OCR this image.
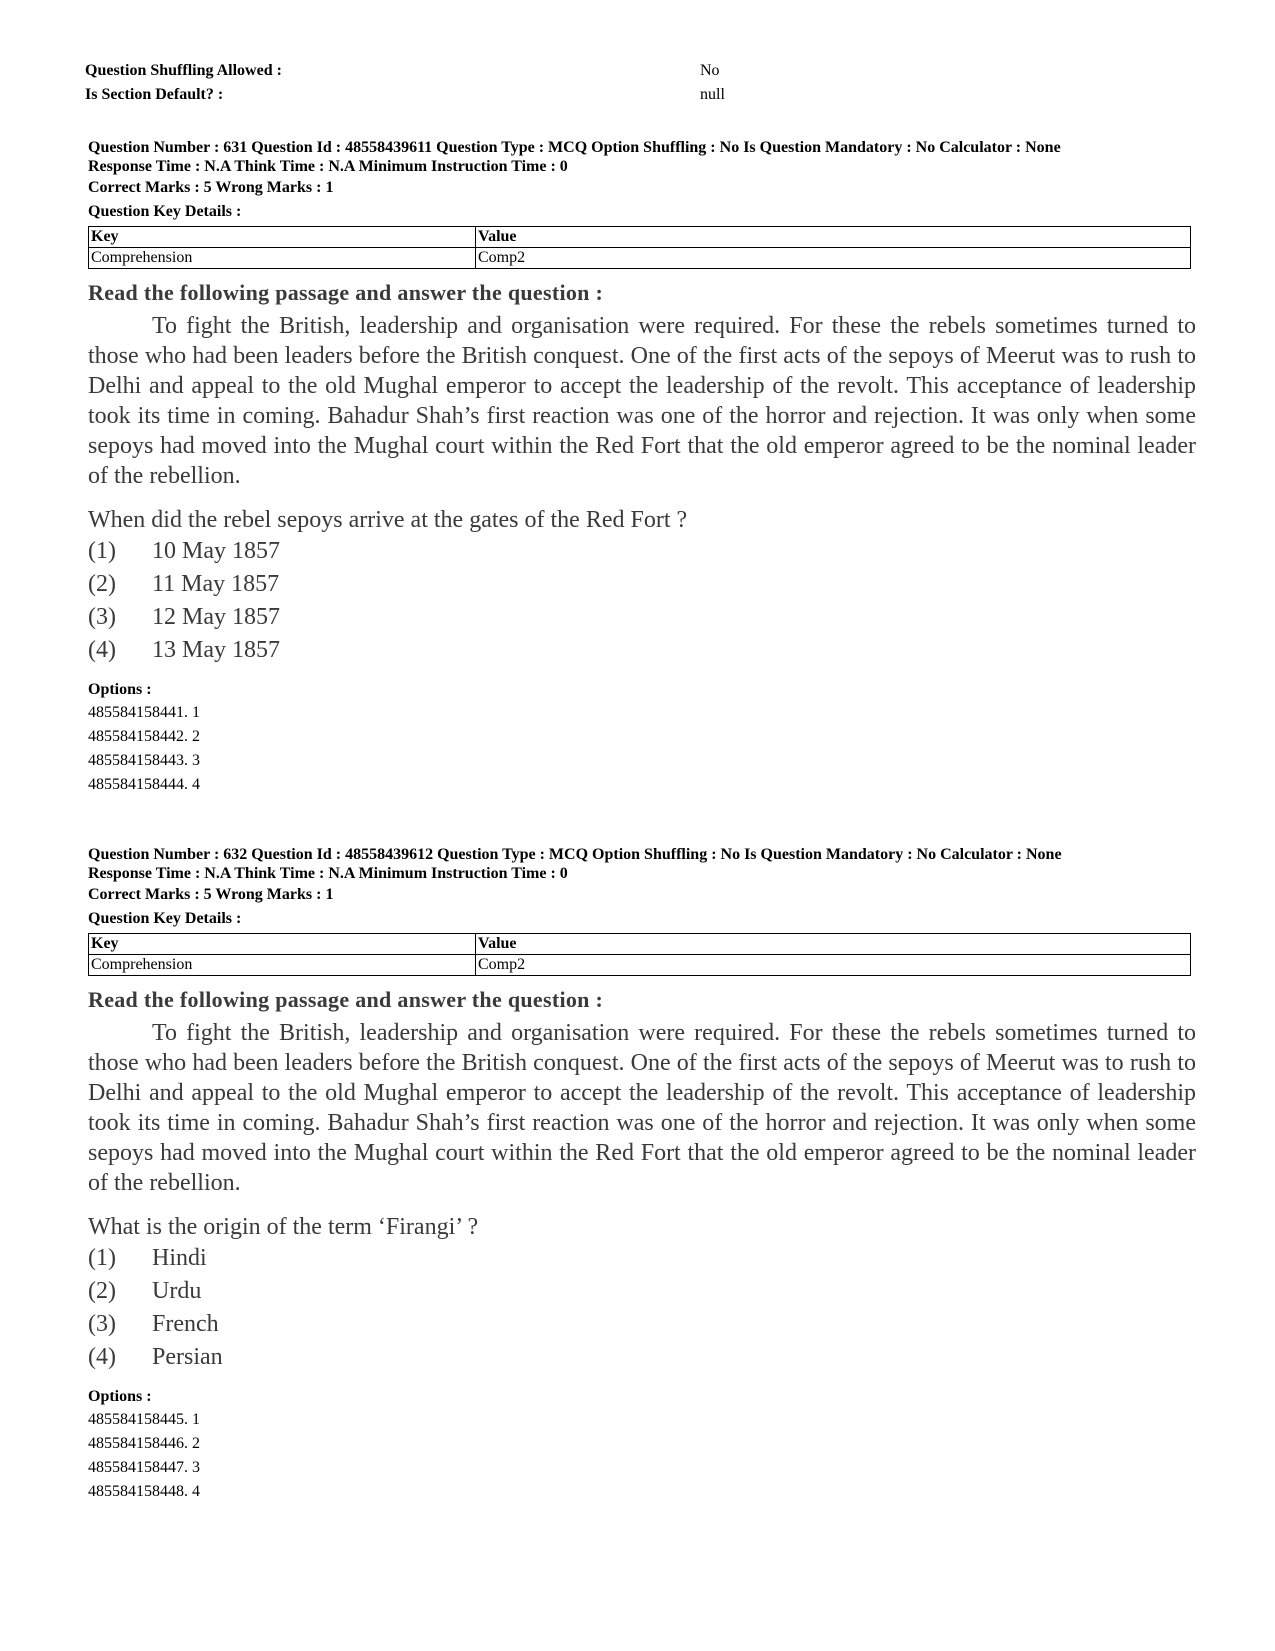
Question Shuffling Allowed :	No
Is Section Default? :	null
Question Number : 631 Question Id : 48558439611 Question Type : MCQ Option Shuffling : No Is Question Mandatory : No Calculator : None
Response Time : N.A Think Time : N.A Minimum Instruction Time : 0
Correct Marks : 5 Wrong Marks : 1
Question Key Details :
Key	Value
Comprehension	Comp2
Read the following passage and answer the question :
To fight the British, leadership and organisation were required. For these the rebels sometimes turned to those who had been leaders before the British conquest. One of the first acts of the sepoys of Meerut was to rush to Delhi and appeal to the old Mughal emperor to accept the leadership of the revolt. This acceptance of leadership took its time in coming. Bahadur Shah’s first reaction was one of the horror and rejection. It was only when some sepoys had moved into the Mughal court within the Red Fort that the old emperor agreed to be the nominal leader of the rebellion.
When did the rebel sepoys arrive at the gates of the Red Fort ?
(1)	10 May 1857
(2)	11 May 1857
(3)	12 May 1857
(4)	13 May 1857
Options :
485584158441. 1
485584158442. 2
485584158443. 3
485584158444. 4
Question Number : 632 Question Id : 48558439612 Question Type : MCQ Option Shuffling : No Is Question Mandatory : No Calculator : None
Response Time : N.A Think Time : N.A Minimum Instruction Time : 0
Correct Marks : 5 Wrong Marks : 1
Question Key Details :
Key	Value
Comprehension	Comp2
Read the following passage and answer the question :
To fight the British, leadership and organisation were required. For these the rebels sometimes turned to those who had been leaders before the British conquest. One of the first acts of the sepoys of Meerut was to rush to Delhi and appeal to the old Mughal emperor to accept the leadership of the revolt. This acceptance of leadership took its time in coming. Bahadur Shah’s first reaction was one of the horror and rejection. It was only when some sepoys had moved into the Mughal court within the Red Fort that the old emperor agreed to be the nominal leader of the rebellion.
What is the origin of the term ‘Firangi’ ?
(1)	Hindi
(2)	Urdu
(3)	French
(4)	Persian
Options :
485584158445. 1
485584158446. 2
485584158447. 3
485584158448. 4
